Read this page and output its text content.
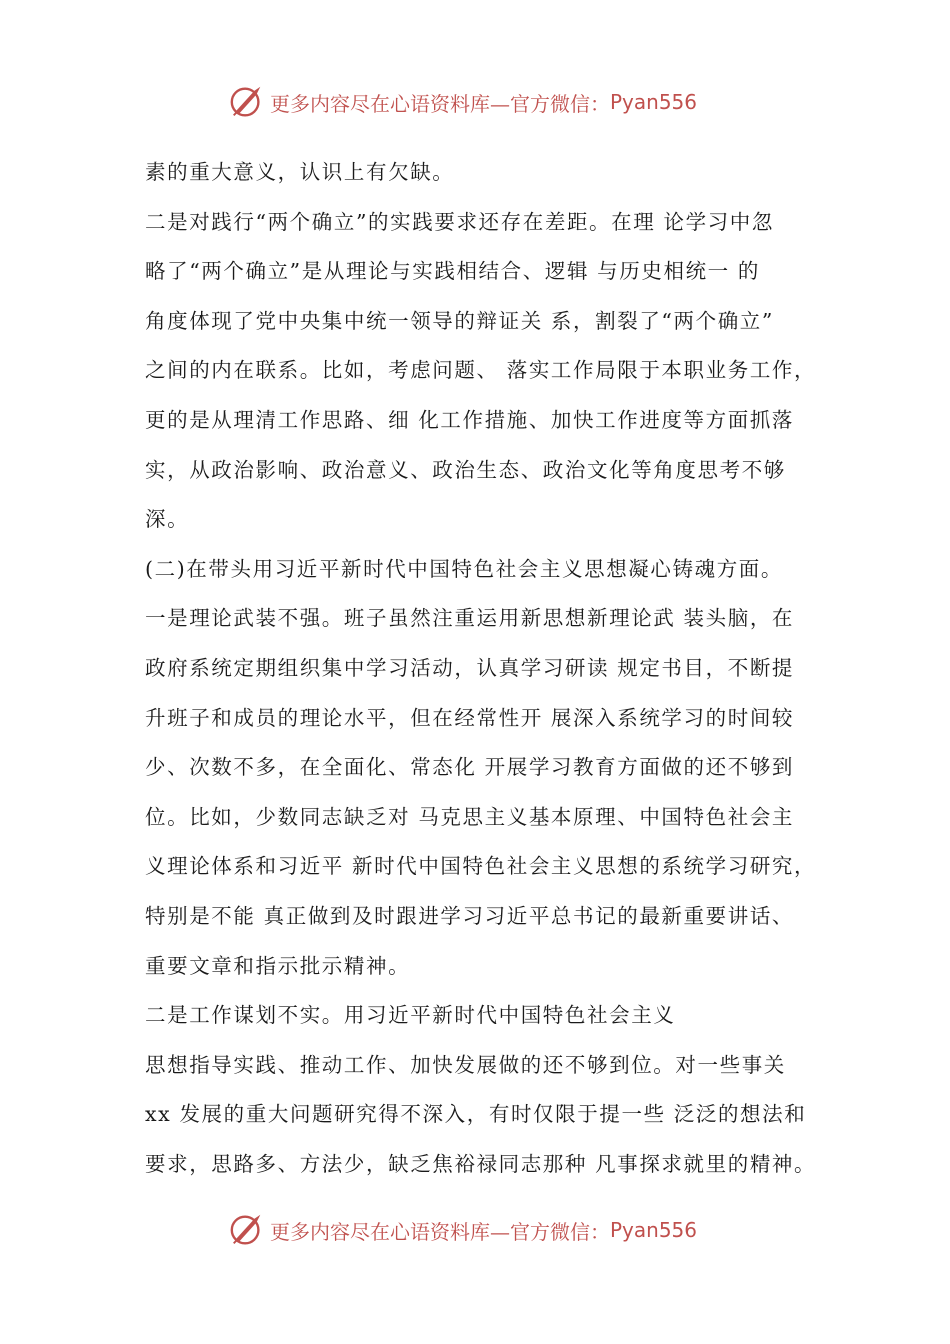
更多内容尽在心语资料库—官方微信： Pyan556
素的重大意义，认识上有欠缺。
二是对践行“两个确立”的实践要求还存在差距。在理 论学习中忽
略了“两个确立”是从理论与实践相结合、逻辑 与历史相统一 的
角度体现了党中央集中统一领导的辩证关 系，割裂了“两个确立”
之间的内在联系。比如，考虑问题、 落实工作局限于本职业务工作，
更的是从理清工作思路、细 化工作措施、加快工作进度等方面抓落
实，从政治影响、政治意义、政治生态、政治文化等角度思考不够
深。
(二)在带头用习近平新时代中国特色社会主义思想凝心铸魂方面。
一是理论武装不强。班子虽然注重运用新思想新理论武 装头脑，在
政府系统定期组织集中学习活动，认真学习研读 规定书目，不断提
升班子和成员的理论水平，但在经常性开 展深入系统学习的时间较
少、次数不多，在全面化、常态化 开展学习教育方面做的还不够到
位。比如，少数同志缺乏对 马克思主义基本原理、中国特色社会主
义理论体系和习近平 新时代中国特色社会主义思想的系统学习研究，
特别是不能 真正做到及时跟进学习习近平总书记的最新重要讲话、
重要文章和指示批示精神。
二是工作谋划不实。用习近平新时代中国特色社会主义
思想指导实践、推动工作、加快发展做的还不够到位。对一些事关
xx 发展的重大问题研究得不深入，有时仅限于提一些 泛泛的想法和
要求，思路多、方法少，缺乏焦裕禄同志那种 凡事探求就里的精神。
更多内容尽在心语资料库—官方微信： Pyan556
